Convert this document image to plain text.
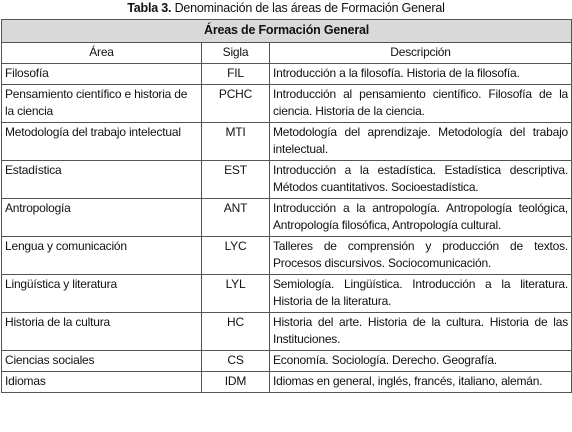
Tabla 3. Denominación de las áreas de Formación General
Áreas de Formación General		
Área	Sigla	Descripción
Filosofía	FIL	Introducción a la filosofía. Historia de la filosofía.
Pensamiento científico e historia de la ciencia	PCHC	Introducción al pensamiento científico. Filosofía de la ciencia. Historia de la ciencia.
Metodología del trabajo intelectual	MTI	Metodología del aprendizaje. Metodología del trabajo intelectual.
Estadística	EST	Introducción a la estadística. Estadística descriptiva. Métodos cuantitativos. Socioestadística.
Antropología	ANT	Introducción a la antropología. Antropología teológica, Antropología filosófica, Antropología cultural.
Lengua y comunicación	LYC	Talleres de comprensión y producción de textos. Procesos discursivos. Sociocomunicación.
Lingüística y literatura	LYL	Semiología. Lingüística. Introducción a la literatura. Historia de la literatura.
Historia de la cultura	HC	Historia del arte. Historia de la cultura. Historia de las Instituciones.
Ciencias sociales	CS	Economía. Sociología. Derecho. Geografía.
Idiomas	IDM	Idiomas en general, inglés, francés, italiano, alemán.
